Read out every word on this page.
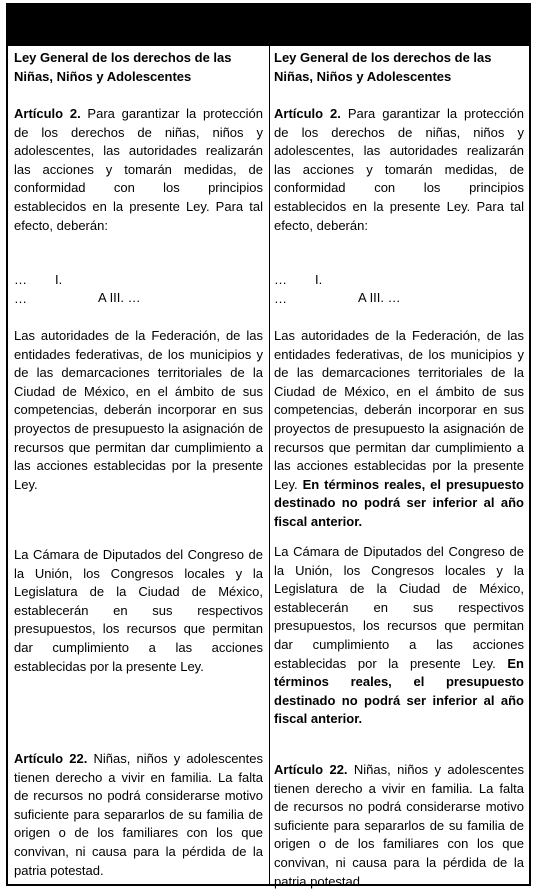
Ley General de los derechos de las Niñas, Niños y Adolescentes
Artículo 2. Para garantizar la protección de los derechos de niñas, niños y adolescentes, las autoridades realizarán las acciones y tomarán medidas, de conformidad con los principios establecidos en la presente Ley. Para tal efecto, deberán:

I.

A III. …

…
…
Las autoridades de la Federación, de las entidades federativas, de los municipios y de las demarcaciones territoriales de la Ciudad de México, en el ámbito de sus competencias, deberán incorporar en sus proyectos de presupuesto la asignación de recursos que permitan dar cumplimiento a las acciones establecidas por la presente Ley.
La Cámara de Diputados del Congreso de la Unión, los Congresos locales y la Legislatura de la Ciudad de México, establecerán en sus respectivos presupuestos, los recursos que permitan dar cumplimiento a las acciones establecidas por la presente Ley.
Artículo 22. Niñas, niños y adolescentes tienen derecho a vivir en familia. La falta de recursos no podrá considerarse motivo suficiente para separarlos de su familia de origen o de los familiares con los que convivan, ni causa para la pérdida de la patria potestad.
Ley General de los derechos de las Niñas, Niños y Adolescentes
Artículo 2. Para garantizar la protección de los derechos de niñas, niños y adolescentes, las autoridades realizarán las acciones y tomarán medidas, de conformidad con los principios establecidos en la presente Ley. Para tal efecto, deberán:

I.

A III. …

…
…
Las autoridades de la Federación, de las entidades federativas, de los municipios y de las demarcaciones territoriales de la Ciudad de México, en el ámbito de sus competencias, deberán incorporar en sus proyectos de presupuesto la asignación de recursos que permitan dar cumplimiento a las acciones establecidas por la presente Ley. En términos reales, el presupuesto destinado no podrá ser inferior al año fiscal anterior.
La Cámara de Diputados del Congreso de la Unión, los Congresos locales y la Legislatura de la Ciudad de México, establecerán en sus respectivos presupuestos, los recursos que permitan dar cumplimiento a las acciones establecidas por la presente Ley. En términos reales, el presupuesto destinado no podrá ser inferior al año fiscal anterior.
Artículo 22. Niñas, niños y adolescentes tienen derecho a vivir en familia. La falta de recursos no podrá considerarse motivo suficiente para separarlos de su familia de origen o de los familiares con los que convivan, ni causa para la pérdida de la patria potestad.
